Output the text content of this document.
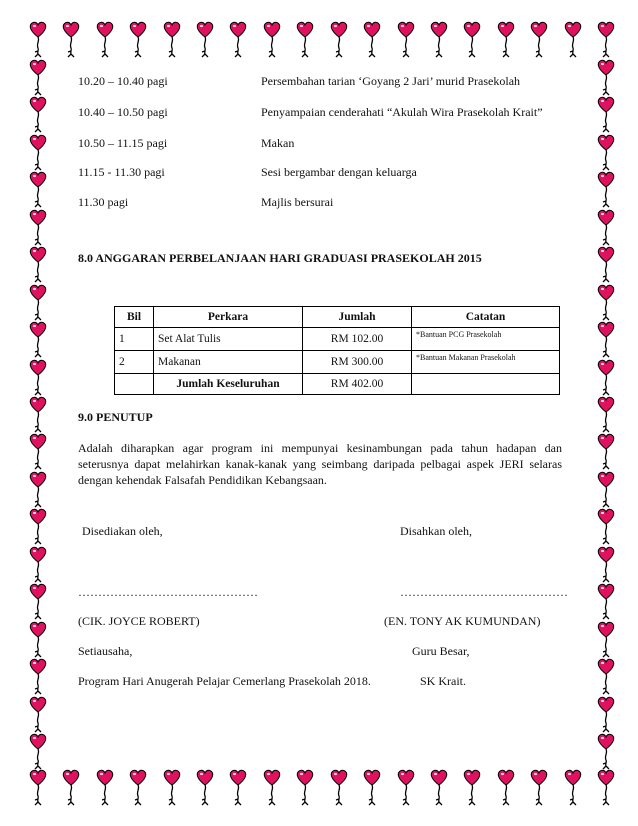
10.20 – 10.40 pagi	Persembahan tarian ‘Goyang 2 Jari’ murid Prasekolah
10.40 – 10.50 pagi	Penyampaian cenderahati “Akulah Wira Prasekolah Krait”
10.50 – 11.15 pagi	Makan
11.15 - 11.30 pagi	Sesi bergambar dengan keluarga
11.30 pagi	Majlis bersurai
8.0 ANGGARAN PERBELANJAAN HARI GRADUASI PRASEKOLAH 2015
Bil	Perkara	Jumlah	Catatan
1	Set Alat Tulis	RM 102.00	*Bantuan PCG Prasekolah
2	Makanan	RM 300.00	*Bantuan Makanan Prasekolah
	Jumlah Keseluruhan	RM 402.00	
9.0 PENUTUP
Adalah diharapkan agar program ini mempunyai kesinambungan pada tahun hadapan dan seterusnya dapat melahirkan kanak-kanak yang seimbang daripada pelbagai aspek JERI selaras dengan kehendak Falsafah Pendidikan Kebangsaan.
Disediakan oleh,	Disahkan oleh,
………………………………………	……………………………………
(CIK. JOYCE ROBERT)	(EN. TONY AK KUMUNDAN)
Setiausaha,	Guru Besar,
Program Hari Anugerah Pelajar Cemerlang Prasekolah 2018.	SK Krait.
